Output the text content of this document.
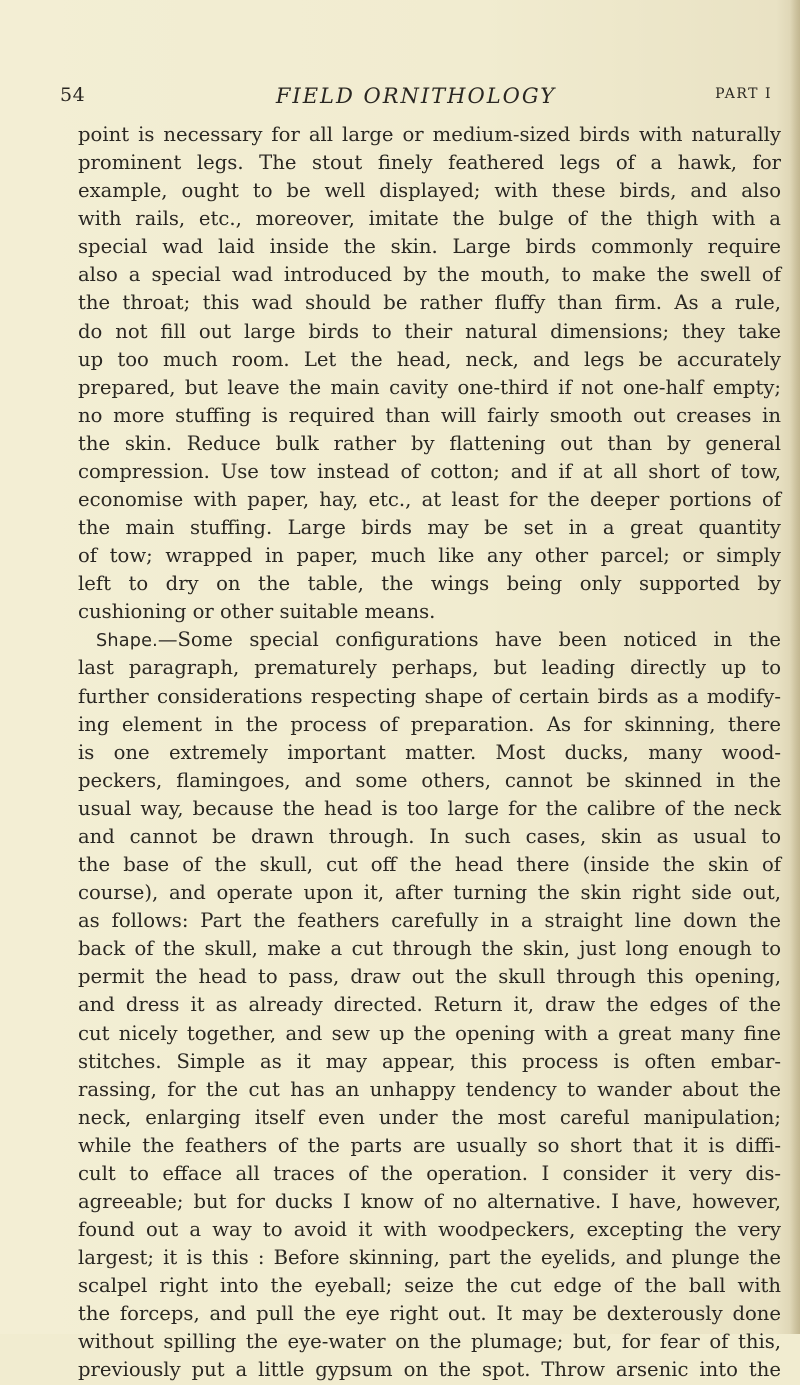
54	FIELD ORNITHOLOGY	PART I
point is necessary for all large or medium-sized birds with naturally
prominent legs. The stout finely feathered legs of a hawk, for
example, ought to be well displayed; with these birds, and also
with rails, etc., moreover, imitate the bulge of the thigh with a
special wad laid inside the skin. Large birds commonly require
also a special wad introduced by the mouth, to make the swell of
the throat; this wad should be rather fluffy than firm. As a rule,
do not fill out large birds to their natural dimensions; they take
up too much room. Let the head, neck, and legs be accurately
prepared, but leave the main cavity one-third if not one-half empty;
no more stuffing is required than will fairly smooth out creases in
the skin. Reduce bulk rather by flattening out than by general
compression. Use tow instead of cotton; and if at all short of tow,
economise with paper, hay, etc., at least for the deeper portions of
the main stuffing. Large birds may be set in a great quantity
of tow; wrapped in paper, much like any other parcel; or simply
left to dry on the table, the wings being only supported by
cushioning or other suitable means.
Shape.—Some special configurations have been noticed in the
last paragraph, prematurely perhaps, but leading directly up to
further considerations respecting shape of certain birds as a modify-
ing element in the process of preparation. As for skinning, there
is one extremely important matter. Most ducks, many wood-
peckers, flamingoes, and some others, cannot be skinned in the
usual way, because the head is too large for the calibre of the neck
and cannot be drawn through. In such cases, skin as usual to
the base of the skull, cut off the head there (inside the skin of
course), and operate upon it, after turning the skin right side out,
as follows: Part the feathers carefully in a straight line down the
back of the skull, make a cut through the skin, just long enough to
permit the head to pass, draw out the skull through this opening,
and dress it as already directed. Return it, draw the edges of the
cut nicely together, and sew up the opening with a great many fine
stitches. Simple as it may appear, this process is often embar-
rassing, for the cut has an unhappy tendency to wander about the
neck, enlarging itself even under the most careful manipulation;
while the feathers of the parts are usually so short that it is diffi-
cult to efface all traces of the operation. I consider it very dis-
agreeable; but for ducks I know of no alternative. I have, however,
found out a way to avoid it with woodpeckers, excepting the very
largest; it is this : Before skinning, part the eyelids, and plunge the
scalpel right into the eyeball; seize the cut edge of the ball with
the forceps, and pull the eye right out. It may be dexterously done
without spilling the eye-water on the plumage; but, for fear of this,
previously put a little gypsum on the spot. Throw arsenic into the
